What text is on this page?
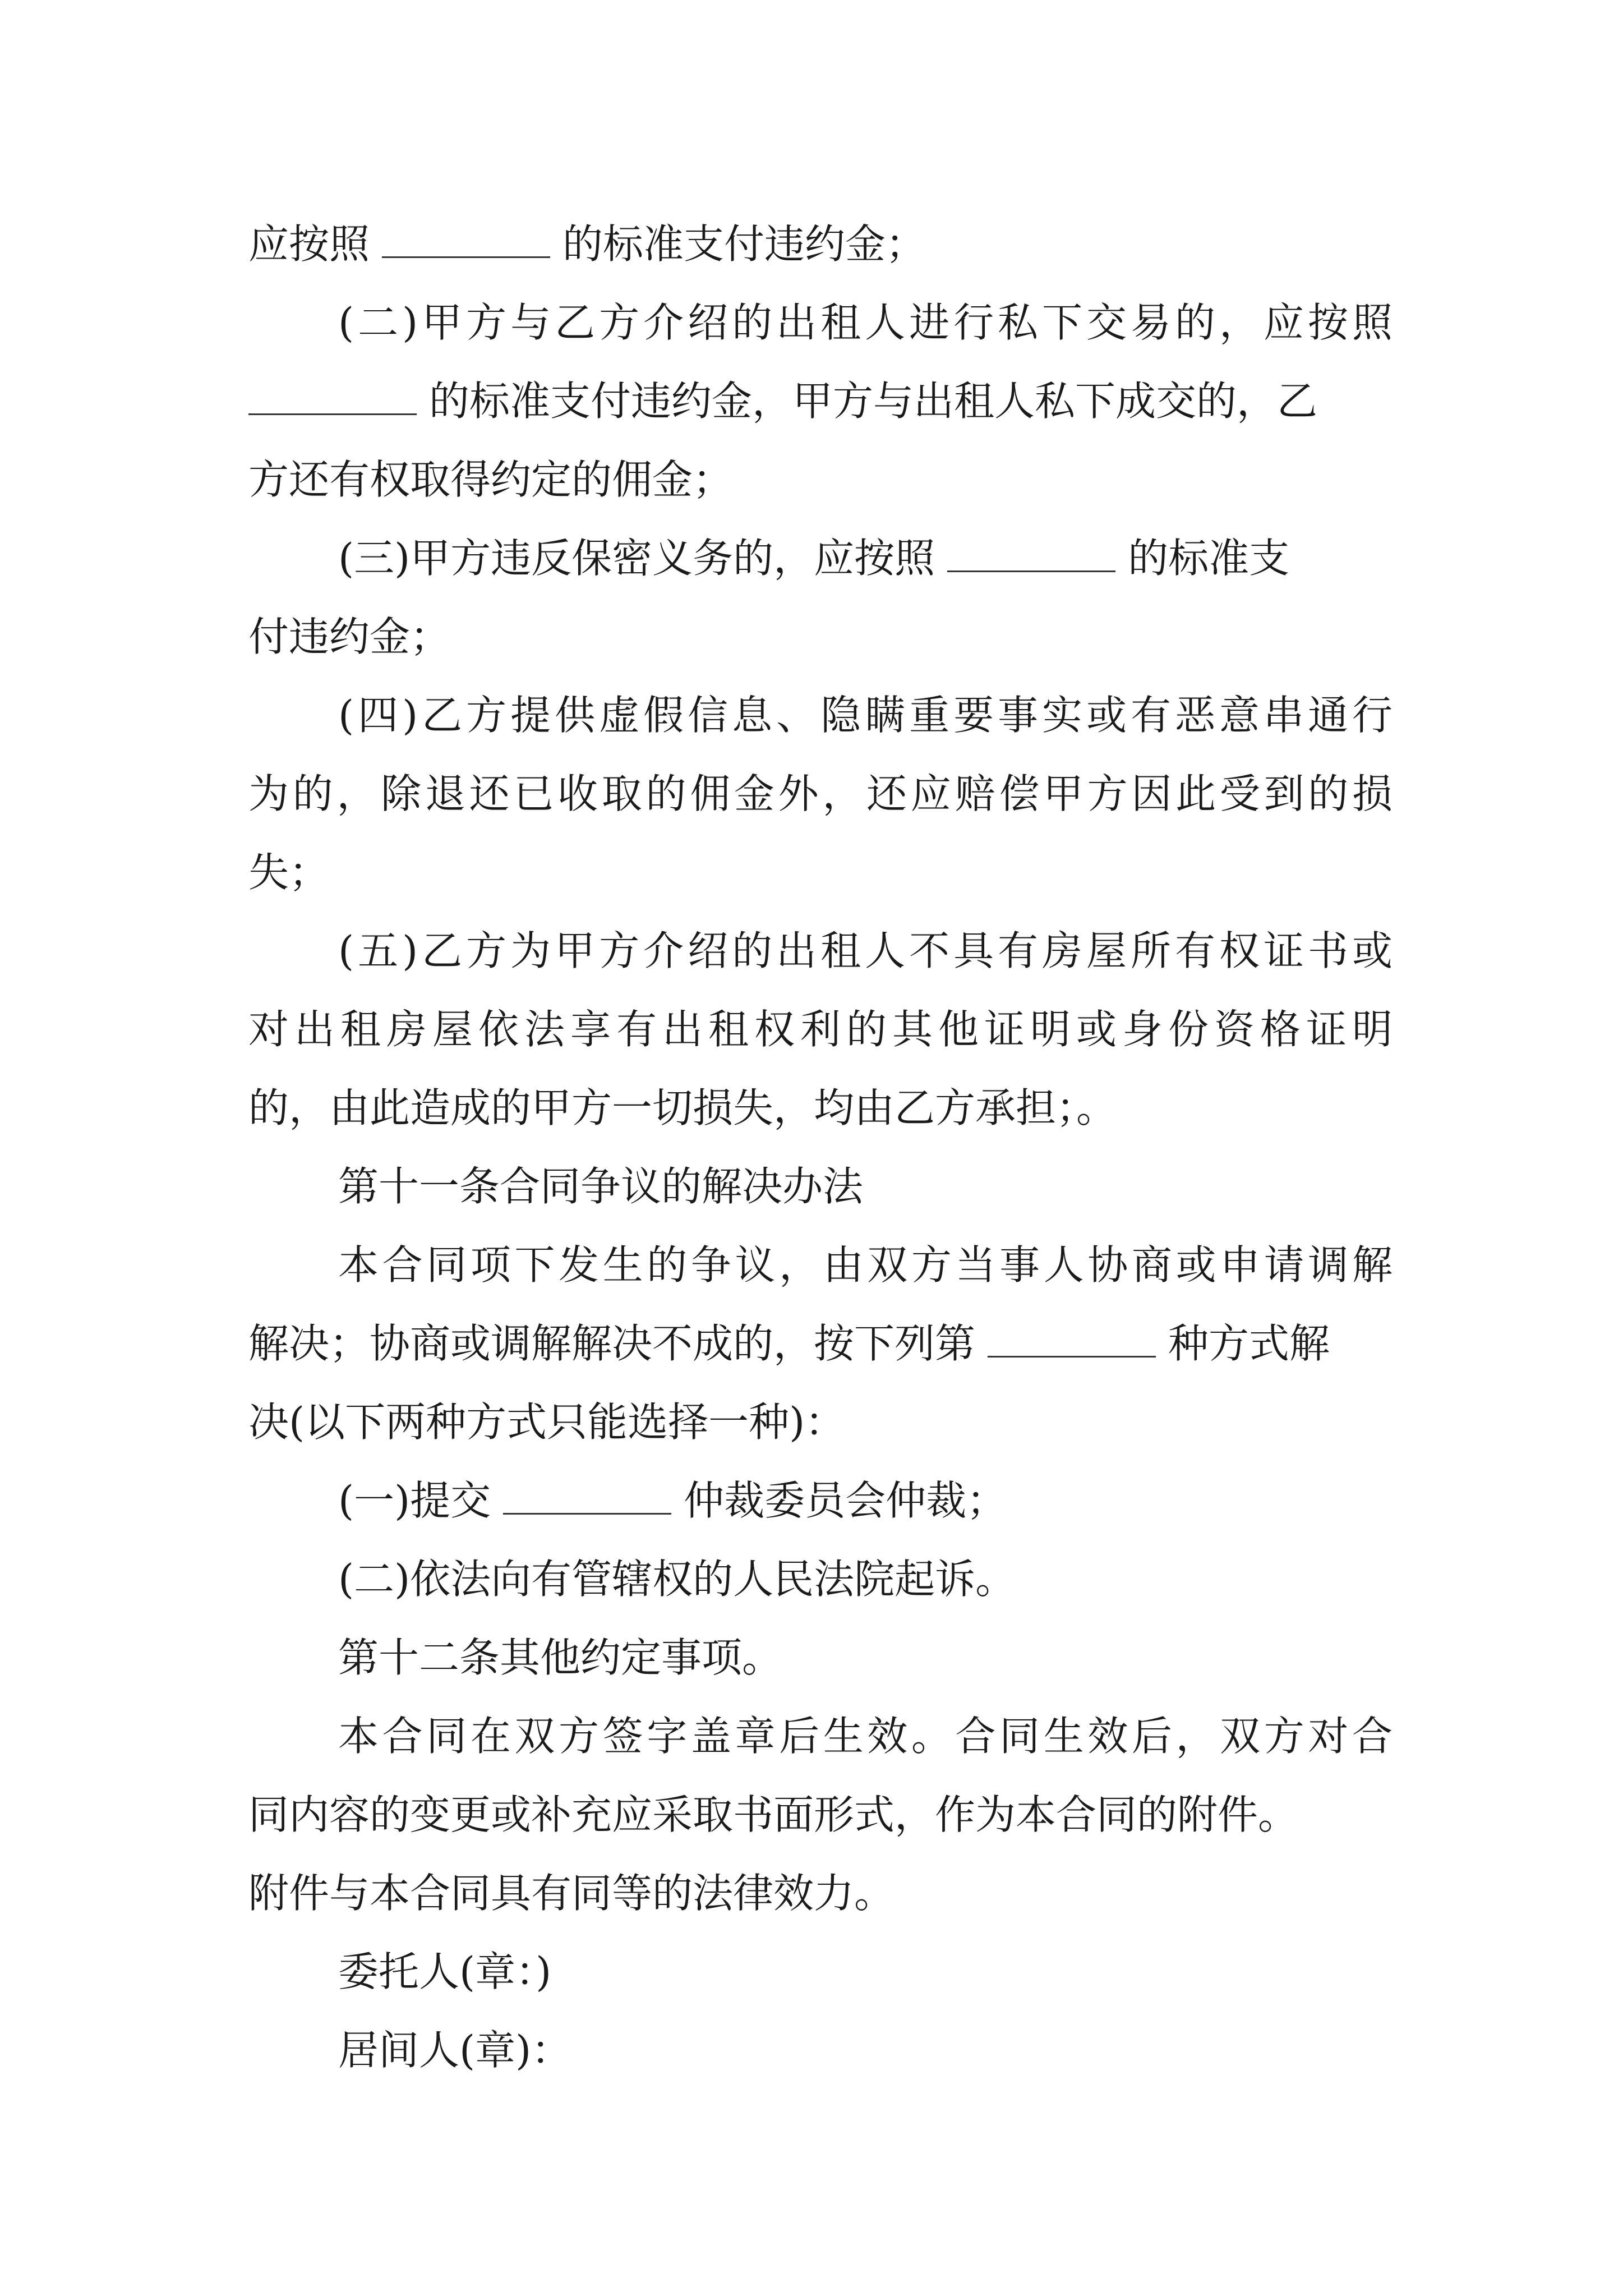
应按照	的标准支付违约金；
(二)甲方与乙方介绍的出租人进行私下交易的，应按照
的标准支付违约金，甲方与出租人私下成交的，乙
方还有权取得约定的佣金；
(三)甲方违反保密义务的，应按照	的标准支
付违约金；
(四)乙方提供虚假信息、隐瞒重要事实或有恶意串通行
为的，除退还已收取的佣金外，还应赔偿甲方因此受到的损
失；
(五)乙方为甲方介绍的出租人不具有房屋所有权证书或
对出租房屋依法享有出租权利的其他证明或身份资格证明
的，由此造成的甲方一切损失，均由乙方承担；。
第十一条合同争议的解决办法
本合同项下发生的争议，由双方当事人协商或申请调解
解决；协商或调解解决不成的，按下列第	种方式解
决(以下两种方式只能选择一种)：
(一)提交	仲裁委员会仲裁；
(二)依法向有管辖权的人民法院起诉。
第十二条其他约定事项。
本合同在双方签字盖章后生效。合同生效后，双方对合
同内容的变更或补充应采取书面形式，作为本合同的附件。
附件与本合同具有同等的法律效力。
委托人(章：)
居间人(章)：
